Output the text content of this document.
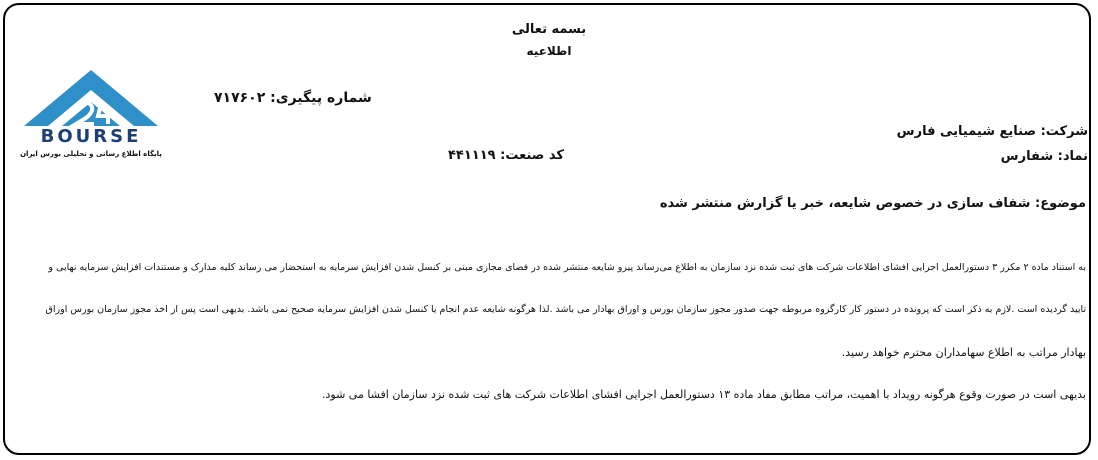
بسمه تعالی
اطلاعیه
BOURSE
پایگاه اطلاع رسانی و تحلیلی بورس ایران
شماره پیگیری: ۷۱۷۶۰۲
شرکت: صنایع شیمیایی فارس
نماد: شفارس
کد صنعت: ۴۴۱۱۱۹
موضوع: شفاف سازی در خصوص شایعه، خبر یا گزارش منتشر شده
به استناد ماده ۲ مکرر ۳ دستورالعمل اجرایی افشای اطلاعات شرکت های ثبت شده نزد سازمان به اطلاع می‌رساند پیرو شایعه منتشر شده در فضای مجازی مبنی بر کنسل شدن افزایش سرمایه به استحضار می رساند کلیه مدارک و مستندات افزایش سرمایه نهایی و
تایید گردیده است .لازم به ذکر است که پرونده در دستور کار کارگروه مربوطه جهت صدور مجوز سازمان بورس و اوراق بهادار می باشد .لذا هرگونه شایعه عدم انجام یا کنسل شدن افزایش سرمایه صحیح نمی باشد. بدیهی است پس از اخذ مجوز سازمان بورس اوراق
بهادار مراتب به اطلاع سهامداران محترم خواهد رسید.
بدیهی است در صورت وقوع هرگونه رویداد با اهمیت، مراتب مطابق مفاد ماده ۱۳ دستورالعمل اجرایی افشای اطلاعات شرکت های ثبت شده نزد سازمان افشا می شود.
